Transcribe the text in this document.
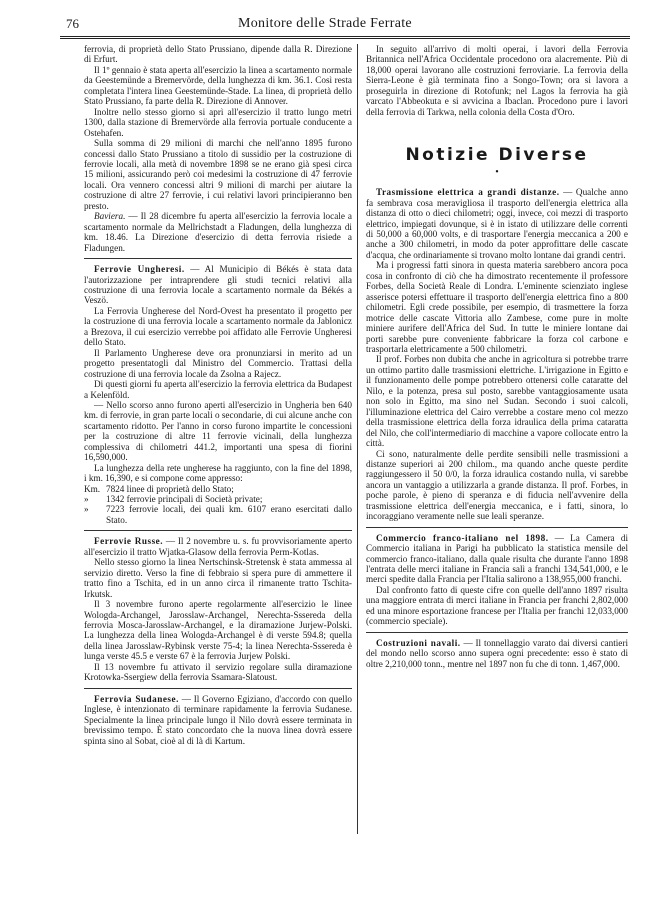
76	Monitore delle Strade Ferrate

ferrovia, di proprietà dello Stato Prussiano, dipende dalla R. Direzione di Erfurt.

Il 1º gennaio è stata aperta all'esercizio la linea a scartamento normale da Geestemünde a Bremervörde, della lunghezza di km. 36.1. Così resta completata l'intera linea Geestemünde-Stade. La linea, di proprietà dello Stato Prussiano, fa parte della R. Direzione di Annover.

Inoltre nello stesso giorno si aprì all'esercizio il tratto lungo metri 1300, dalla stazione di Bremervörde alla ferrovia portuale conducente a Ostehafen.

Sulla somma di 29 milioni di marchi che nell'anno 1895 furono concessi dallo Stato Prussiano a titolo di sussidio per la costruzione di ferrovie locali, alla metà di novembre 1898 se ne erano già spesi circa 15 milioni, assicurando però coi medesimi la costruzione di 47 ferrovie locali. Ora vennero concessi altri 9 milioni di marchi per aiutare la costruzione di altre 27 ferrovie, i cui relativi lavori principieranno ben presto.

Baviera. — Il 28 dicembre fu aperta all'esercizio la ferrovia locale a scartamento normale da Mellrichstadt a Fladungen, della lunghezza di km. 18.46. La Direzione d'esercizio di detta ferrovia risiede a Fladungen.

Ferrovie Ungheresi. — Al Municipio di Békés è stata data l'autorizzazione per intraprendere gli studi tecnici relativi alla costruzione di una ferrovia locale a scartamento normale da Békés a Veszö.

La Ferrovia Ungherese del Nord-Ovest ha presentato il progetto per la costruzione di una ferrovia locale a scartamento normale da Jablonicz a Brezova, il cui esercizio verrebbe poi affidato alle Ferrovie Ungheresi dello Stato.

Il Parlamento Ungherese deve ora pronunziarsi in merito ad un progetto presentatogli dal Ministro del Commercio. Trattasi della costruzione di una ferrovia locale da Zsolna a Rajecz.

Di questi giorni fu aperta all'esercizio la ferrovia elettrica da Budapest a Kelenföld.

— Nello scorso anno furono aperti all'esercizio in Ungheria ben 640 km. di ferrovie, in gran parte locali o secondarie, di cui alcune anche con scartamento ridotto. Per l'anno in corso furono impartite le concessioni per la costruzione di altre 11 ferrovie vicinali, della lunghezza complessiva di chilometri 441.2, importanti una spesa di fiorini 16,590,000.

La lunghezza della rete ungherese ha raggiunto, con la fine del 1898, i km. 16,390, e si compone come appresso:

Km. 7824 linee di proprietà dello Stato;
»	1342 ferrovie principali di Società private;
»	7223 ferrovie locali, dei quali km. 6107 erano esercitati dallo Stato.

Ferrovie Russe. — Il 2 novembre u. s. fu provvisoriamente aperto all'esercizio il tratto Wjatka-Glasow della ferrovia Perm-Kotlas.

Nello stesso giorno la linea Nertschinsk-Stretensk è stata ammessa al servizio diretto. Verso la fine di febbraio si spera pure di ammettere il tratto fino a Tschita, ed in un anno circa il rimanente tratto Tschita-Irkutsk.

Il 3 novembre furono aperte regolarmente all'esercizio le linee Wologda-Archangel, Jarosslaw-Archangel, Nerechta-Sssereda della ferrovia Mosca-Jarosslaw-Archangel, e la diramazione Jurjew-Polski. La lunghezza della linea Wologda-Archangel è di verste 594.8; quella della linea Jarosslaw-Rybinsk verste 75-4; la linea Nerechta-Sssereda è lunga verste 45.5 e verste 67 è la ferrovia Jurjew Polski.

Il 13 novembre fu attivato il servizio regolare sulla diramazione Krotowka-Ssergiew della ferrovia Ssamara-Slatoust.

Ferrovia Sudanese. — Il Governo Egiziano, d'accordo con quello Inglese, è intenzionato di terminare rapidamente la ferrovia Sudanese. Specialmente la linea principale lungo il Nilo dovrà essere terminata in brevissimo tempo. È stato concordato che la nuova linea dovrà essere spinta sino al Sobat, cioè al di là di Kartum.

In seguito all'arrivo di molti operai, i lavori della Ferrovia Britannica nell'Africa Occidentale procedono ora alacremente. Più di 18,000 operai lavorano alle costruzioni ferroviarie. La ferrovia della Sierra-Leone è già terminata fino a Songo-Town; ora si lavora a proseguirla in direzione di Rotofunk; nel Lagos la ferrovia ha già varcato l'Abbeokuta e si avvicina a Ibaclan. Procedono pure i lavori della ferrovia di Tarkwa, nella colonia della Costa d'Oro.

Notizie Diverse
•

Trasmissione elettrica a grandi distanze. — Qualche anno fa sembrava cosa meravigliosa il trasporto dell'energia elettrica alla distanza di otto o dieci chilometri; oggi, invece, coi mezzi di trasporto elettrico, impiegati dovunque, si è in istato di utilizzare delle correnti di 50,000 a 60,000 volts, e di trasportare l'energia meccanica a 200 e anche a 300 chilometri, in modo da poter approfittare delle cascate d'acqua, che ordinariamente si trovano molto lontane dai grandi centri.

Ma i progressi fatti sinora in questa materia sarebbero ancora poca cosa in confronto di ciò che ha dimostrato recentemente il professore Forbes, della Società Reale di Londra. L'eminente scienziato inglese asserisce potersi effettuare il trasporto dell'energia elettrica fino a 800 chilometri. Egli crede possibile, per esempio, di trasmettere la forza motrice delle cascate Vittoria allo Zambese, come pure in molte miniere aurifere dell'Africa del Sud. In tutte le miniere lontane dai porti sarebbe pure conveniente fabbricare la forza col carbone e trasportarla elettricamente a 500 chilometri.

Il prof. Forbes non dubita che anche in agricoltura si potrebbe trarre un ottimo partito dalle trasmissioni elettriche. L'irrigazione in Egitto e il funzionamento delle pompe potrebbero ottenersi colle cataratte del Nilo, e la potenza, presa sul posto, sarebbe vantaggiosamente usata non solo in Egitto, ma sino nel Sudan. Secondo i suoi calcoli, l'illuminazione elettrica del Cairo verrebbe a costare meno col mezzo della trasmissione elettrica della forza idraulica della prima cataratta del Nilo, che coll'intermediario di macchine a vapore collocate entro la città.

Ci sono, naturalmente delle perdite sensibili nelle trasmissioni a distanze superiori ai 200 chilom., ma quando anche queste perdite raggiungessero il 50 0/0, la forza idraulica costando nulla, vi sarebbe ancora un vantaggio a utilizzarla a grande distanza. Il prof. Forbes, in poche parole, è pieno di speranza e di fiducia nell'avvenire della trasmissione elettrica dell'energia meccanica, e i fatti, sinora, lo incoraggiano veramente nelle sue leali speranze.

Commercio franco-italiano nel 1898. — La Camera di Commercio italiana in Parigi ha pubblicato la statistica mensile del commercio franco-italiano, dalla quale risulta che durante l'anno 1898 l'entrata delle merci italiane in Francia salì a franchi 134,541,000, e le merci spedite dalla Francia per l'Italia salirono a 138,955,000 franchi.

Dal confronto fatto di queste cifre con quelle dell'anno 1897 risulta una maggiore entrata di merci italiane in Francia per franchi 2,802,000 ed una minore esportazione francese per l'Italia per franchi 12,033,000 (commercio speciale).

Costruzioni navali. — Il tonnellaggio varato dai diversi cantieri del mondo nello scorso anno supera ogni precedente: esso è stato di oltre 2,210,000 tonn., mentre nel 1897 non fu che di tonn. 1,467,000.
